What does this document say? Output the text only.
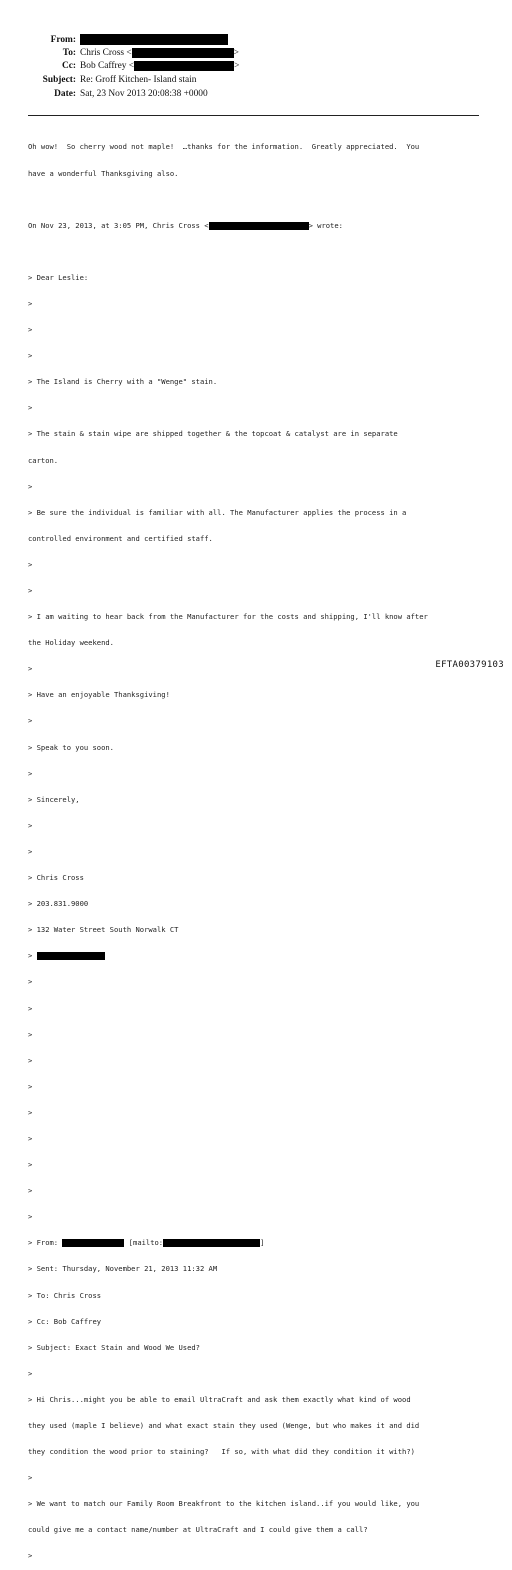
From:
To: Chris Cross <	>
Cc: Bob Caffrey <	>
Subject: Re: Groff Kitchen- Island stain
Date: Sat, 23 Nov 2013 20:08:38 +0000

Oh wow!  So cherry wood not maple!  …thanks for the information.  Greatly appreciated.  You

have a wonderful Thanksgiving also.

On Nov 23, 2013, at 3:05 PM, Chris Cross <	> wrote:

> Dear Leslie:

>

>

>

> The Island is Cherry with a "Wenge" stain.

>

> The stain & stain wipe are shipped together & the topcoat & catalyst are in separate

carton.

>

> Be sure the individual is familiar with all. The Manufacturer applies the process in a

controlled environment and certified staff.

>

>

> I am waiting to hear back from the Manufacturer for the costs and shipping, I'll know after

the Holiday weekend.

>

> Have an enjoyable Thanksgiving!

>

> Speak to you soon.

>

> Sincerely,

>

>

> Chris Cross

> 203.831.9000

> 132 Water Street South Norwalk CT

>

>

>

>

>

>

>

>

>

>

>

> From:	[mailto:	]

> Sent: Thursday, November 21, 2013 11:32 AM

> To: Chris Cross

> Cc: Bob Caffrey

> Subject: Exact Stain and Wood We Used?

>

> Hi Chris...might you be able to email UltraCraft and ask them exactly what kind of wood

they used (maple I believe) and what exact stain they used (Wenge, but who makes it and did

they condition the wood prior to staining?   If so, with what did they condition it with?)

>

> We want to match our Family Room Breakfront to the kitchen island..if you would like, you

could give me a contact name/number at UltraCraft and I could give them a call?

>

EFTA00379103
